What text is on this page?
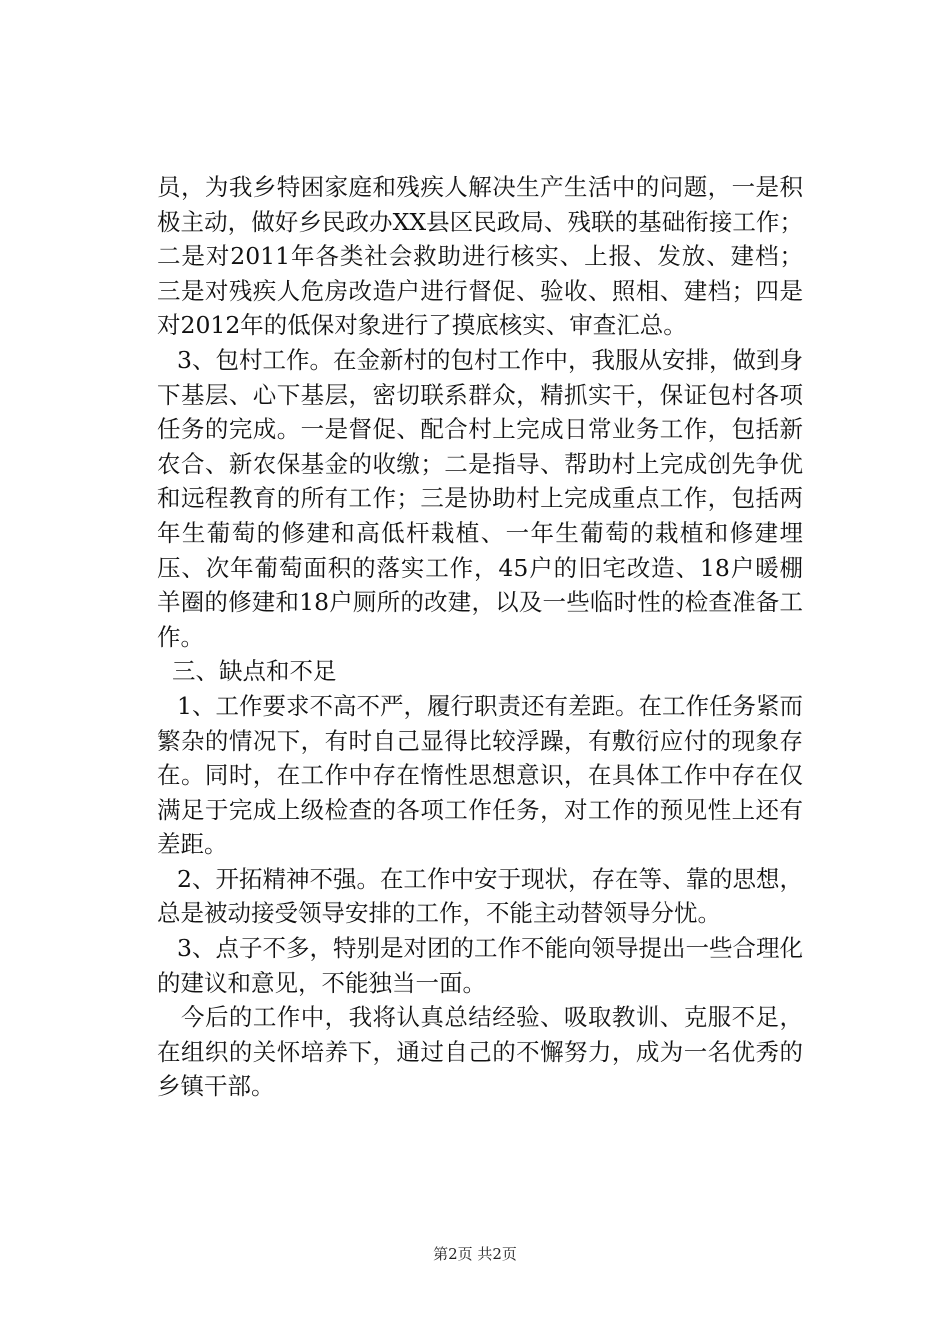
员，为我乡特困家庭和残疾人解决生产生活中的问题，一是积极主动，做好乡民政办XX县区民政局、残联的基础衔接工作；二是对2011年各类社会救助进行核实、上报、发放、建档；三是对残疾人危房改造户进行督促、验收、照相、建档；四是对2012年的低保对象进行了摸底核实、审查汇总。

3、包村工作。在金新村的包村工作中，我服从安排，做到身下基层、心下基层，密切联系群众，精抓实干，保证包村各项任务的完成。一是督促、配合村上完成日常业务工作，包括新农合、新农保基金的收缴；二是指导、帮助村上完成创先争优和远程教育的所有工作；三是协助村上完成重点工作，包括两年生葡萄的修建和高低杆栽植、一年生葡萄的栽植和修建埋压、次年葡萄面积的落实工作，45户的旧宅改造、18户暖棚羊圈的修建和18户厕所的改建，以及一些临时性的检查准备工作。

三、缺点和不足

1、工作要求不高不严，履行职责还有差距。在工作任务紧而繁杂的情况下，有时自己显得比较浮躁，有敷衍应付的现象存在。同时，在工作中存在惰性思想意识，在具体工作中存在仅满足于完成上级检查的各项工作任务，对工作的预见性上还有差距。

2、开拓精神不强。在工作中安于现状，存在等、靠的思想，总是被动接受领导安排的工作，不能主动替领导分忧。

3、点子不多，特别是对团的工作不能向领导提出一些合理化的建议和意见，不能独当一面。

今后的工作中，我将认真总结经验、吸取教训、克服不足，在组织的关怀培养下，通过自己的不懈努力，成为一名优秀的乡镇干部。

第2页 共2页
